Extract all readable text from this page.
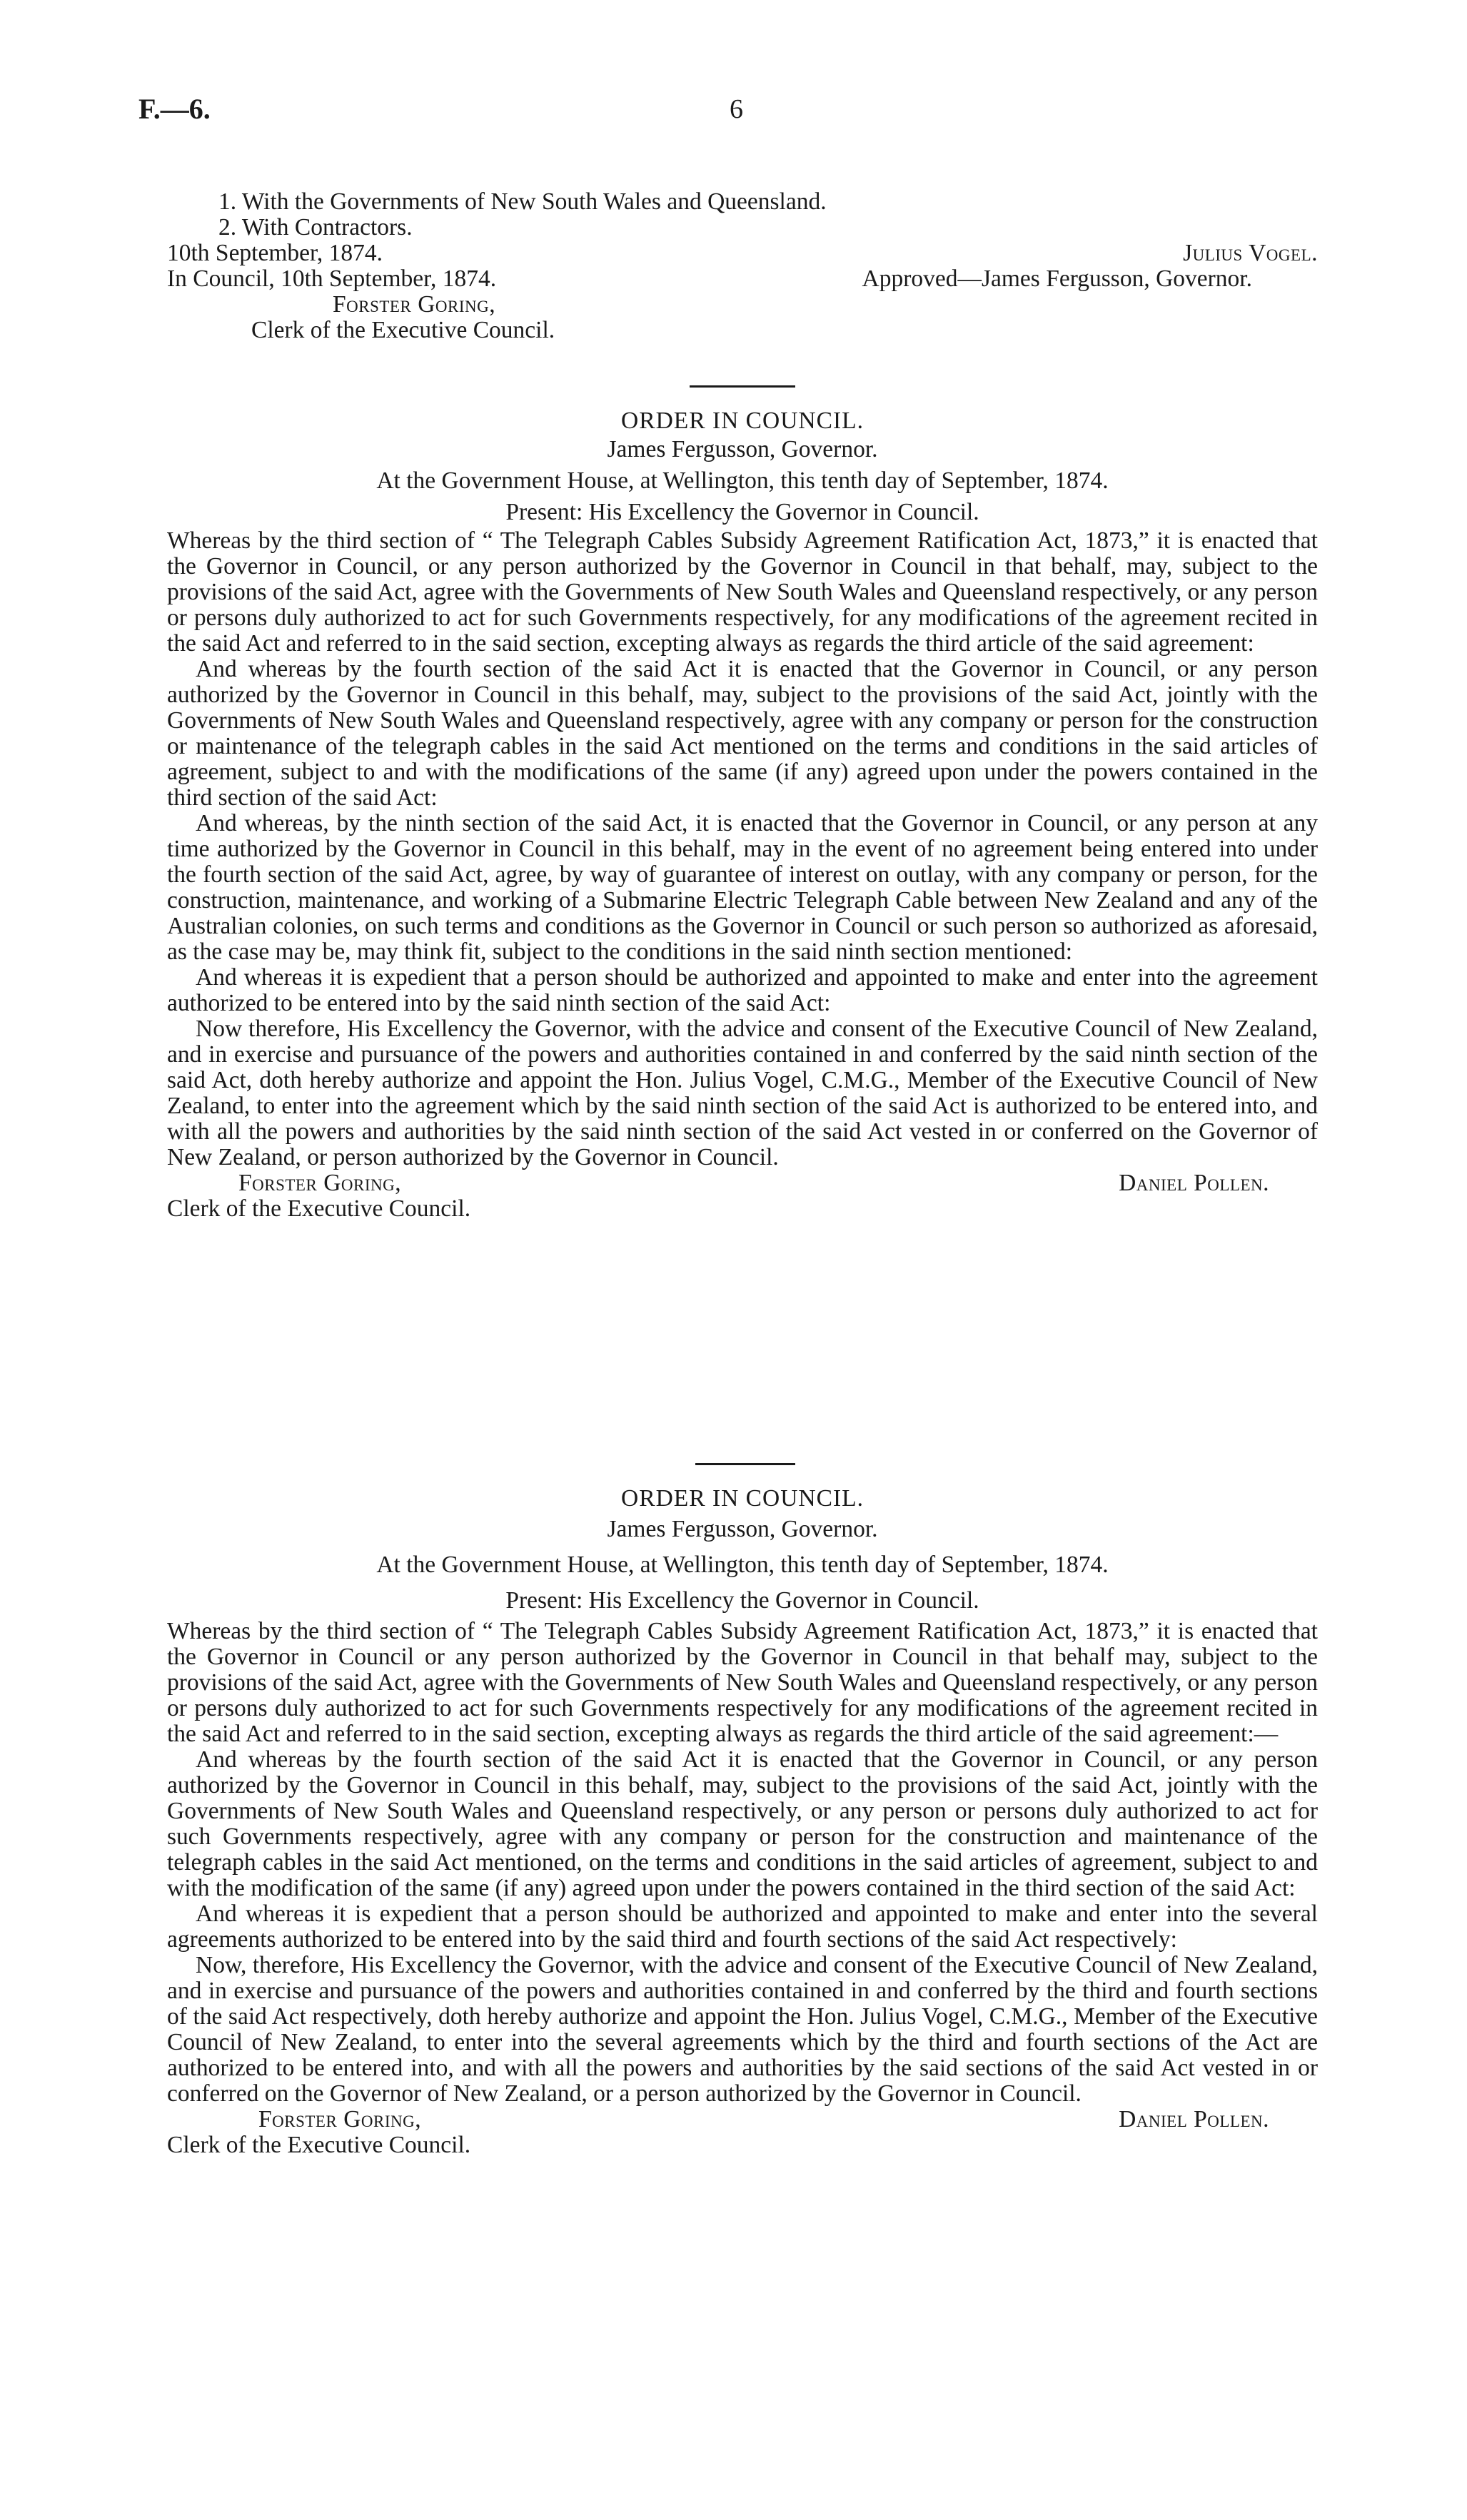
F.—6.	6
1. With the Governments of New South Wales and Queensland.
2. With Contractors.
10th September, 1874.	Julius Vogel.
In Council, 10th September, 1874.	Approved—James Fergusson, Governor.
Forster Goring,
Clerk of the Executive Council.
ORDER IN COUNCIL.
James Fergusson, Governor.
At the Government House, at Wellington, this tenth day of September, 1874.
Present: His Excellency the Governor in Council.

Whereas by the third section of “ The Telegraph Cables Subsidy Agreement Ratification Act, 1873,” it is enacted that the Governor in Council, or any person authorized by the Governor in Council in that behalf, may, subject to the provisions of the said Act, agree with the Governments of New South Wales and Queensland respectively, or any person or persons duly authorized to act for such Governments respectively, for any modifications of the agreement recited in the said Act and referred to in the said section, excepting always as regards the third article of the said agreement:

And whereas by the fourth section of the said Act it is enacted that the Governor in Council, or any person authorized by the Governor in Council in this behalf, may, subject to the provisions of the said Act, jointly with the Governments of New South Wales and Queensland respectively, agree with any company or person for the construction or maintenance of the telegraph cables in the said Act mentioned on the terms and conditions in the said articles of agreement, subject to and with the modifications of the same (if any) agreed upon under the powers contained in the third section of the said Act:

And whereas, by the ninth section of the said Act, it is enacted that the Governor in Council, or any person at any time authorized by the Governor in Council in this behalf, may in the event of no agreement being entered into under the fourth section of the said Act, agree, by way of guarantee of interest on outlay, with any company or person, for the construction, maintenance, and working of a Submarine Electric Telegraph Cable between New Zealand and any of the Australian colonies, on such terms and conditions as the Governor in Council or such person so authorized as aforesaid, as the case may be, may think fit, subject to the conditions in the said ninth section mentioned:

And whereas it is expedient that a person should be authorized and appointed to make and enter into the agreement authorized to be entered into by the said ninth section of the said Act:

Now therefore, His Excellency the Governor, with the advice and consent of the Executive Council of New Zealand, and in exercise and pursuance of the powers and authorities contained in and conferred by the said ninth section of the said Act, doth hereby authorize and appoint the Hon. Julius Vogel, C.M.G., Member of the Executive Council of New Zealand, to enter into the agreement which by the said ninth section of the said Act is authorized to be entered into, and with all the powers and authorities by the said ninth section of the said Act vested in or conferred on the Governor of New Zealand, or person authorized by the Governor in Council.

Forster Goring,	Daniel Pollen.
Clerk of the Executive Council.
ORDER IN COUNCIL.
James Fergusson, Governor.
At the Government House, at Wellington, this tenth day of September, 1874.
Present: His Excellency the Governor in Council.

Whereas by the third section of “ The Telegraph Cables Subsidy Agreement Ratification Act, 1873,” it is enacted that the Governor in Council or any person authorized by the Governor in Council in that behalf may, subject to the provisions of the said Act, agree with the Governments of New South Wales and Queensland respectively, or any person or persons duly authorized to act for such Governments respectively for any modifications of the agreement recited in the said Act and referred to in the said section, excepting always as regards the third article of the said agreement:—

And whereas by the fourth section of the said Act it is enacted that the Governor in Council, or any person authorized by the Governor in Council in this behalf, may, subject to the provisions of the said Act, jointly with the Governments of New South Wales and Queensland respectively, or any person or persons duly authorized to act for such Governments respectively, agree with any company or person for the construction and maintenance of the telegraph cables in the said Act mentioned, on the terms and conditions in the said articles of agreement, subject to and with the modification of the same (if any) agreed upon under the powers contained in the third section of the said Act:

And whereas it is expedient that a person should be authorized and appointed to make and enter into the several agreements authorized to be entered into by the said third and fourth sections of the said Act respectively:

Now, therefore, His Excellency the Governor, with the advice and consent of the Executive Council of New Zealand, and in exercise and pursuance of the powers and authorities contained in and conferred by the third and fourth sections of the said Act respectively, doth hereby authorize and appoint the Hon. Julius Vogel, C.M.G., Member of the Executive Council of New Zealand, to enter into the several agreements which by the third and fourth sections of the Act are authorized to be entered into, and with all the powers and authorities by the said sections of the said Act vested in or conferred on the Governor of New Zealand, or a person authorized by the Governor in Council.

Forster Goring,	Daniel Pollen.
Clerk of the Executive Council.
